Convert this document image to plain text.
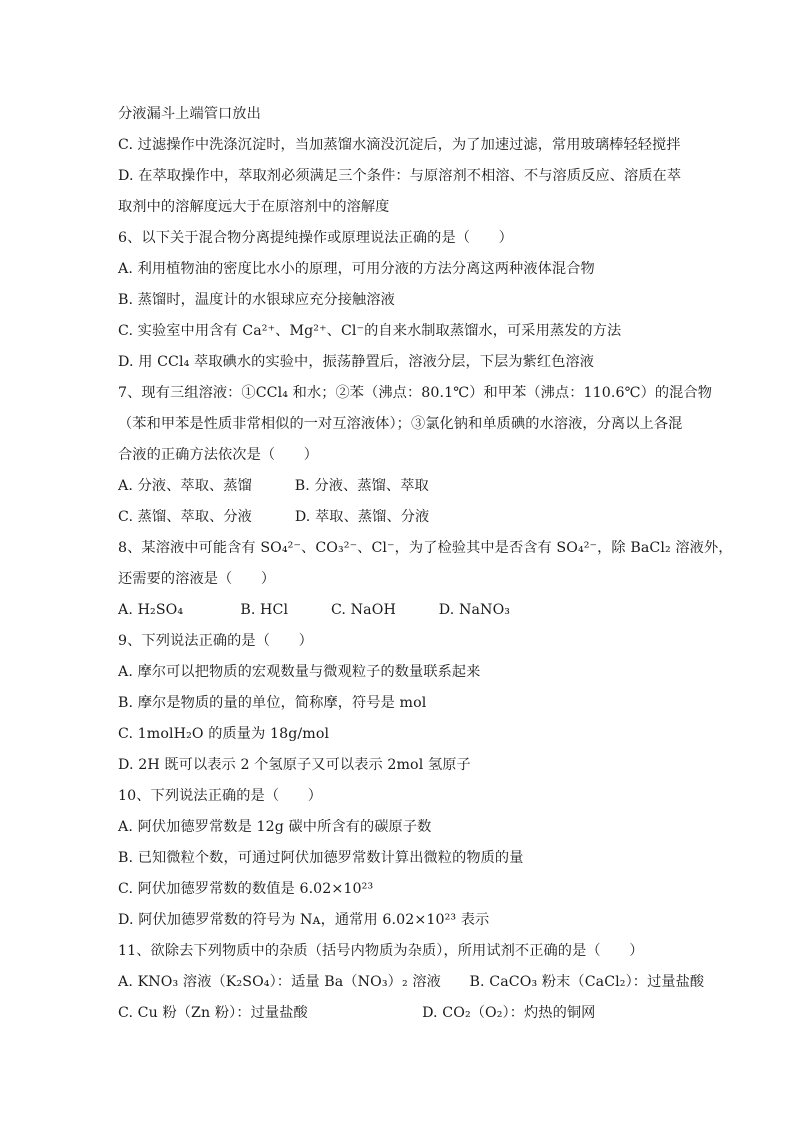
分液漏斗上端管口放出
C. 过滤操作中洗涤沉淀时，当加蒸馏水滴没沉淀后，为了加速过滤，常用玻璃棒轻轻搅拌
D. 在萃取操作中，萃取剂必须满足三个条件：与原溶剂不相溶、不与溶质反应、溶质在萃
取剂中的溶解度远大于在原溶剂中的溶解度
6、以下关于混合物分离提纯操作或原理说法正确的是（　　）
A. 利用植物油的密度比水小的原理，可用分液的方法分离这两种液体混合物
B. 蒸馏时，温度计的水银球应充分接触溶液
C. 实验室中用含有 Ca²⁺、Mg²⁺、Cl⁻的自来水制取蒸馏水，可采用蒸发的方法
D. 用 CCl₄ 萃取碘水的实验中，振荡静置后，溶液分层，下层为紫红色溶液
7、现有三组溶液：①CCl₄ 和水；②苯（沸点：80.1℃）和甲苯（沸点：110.6℃）的混合物
（苯和甲苯是性质非常相似的一对互溶液体）；③氯化钠和单质碘的水溶液，分离以上各混
合液的正确方法依次是（　　）
A. 分液、萃取、蒸馏　　　B. 分液、蒸馏、萃取
C. 蒸馏、萃取、分液　　　D. 萃取、蒸馏、分液
8、某溶液中可能含有 SO₄²⁻、CO₃²⁻、Cl⁻，为了检验其中是否含有 SO₄²⁻，除 BaCl₂ 溶液外，
还需要的溶液是（　　）
A. H₂SO₄　　　　B. HCl　　　C. NaOH　　　D. NaNO₃
9、下列说法正确的是（　　）
A. 摩尔可以把物质的宏观数量与微观粒子的数量联系起来
B. 摩尔是物质的量的单位，简称摩，符号是 mol
C. 1molH₂O 的质量为 18g/mol
D. 2H 既可以表示 2 个氢原子又可以表示 2mol 氢原子
10、下列说法正确的是（　　）
A. 阿伏加德罗常数是 12g 碳中所含有的碳原子数
B. 已知微粒个数，可通过阿伏加德罗常数计算出微粒的物质的量
C. 阿伏加德罗常数的数值是 6.02×10²³
D. 阿伏加德罗常数的符号为 Nᴀ，通常用 6.02×10²³ 表示
11、欲除去下列物质中的杂质（括号内物质为杂质），所用试剂不正确的是（　　）
A. KNO₃ 溶液（K₂SO₄）：适量 Ba（NO₃）₂ 溶液　　B. CaCO₃ 粉末（CaCl₂）：过量盐酸
C. Cu 粉（Zn 粉）：过量盐酸　　　　　　　　D. CO₂（O₂）：灼热的铜网
